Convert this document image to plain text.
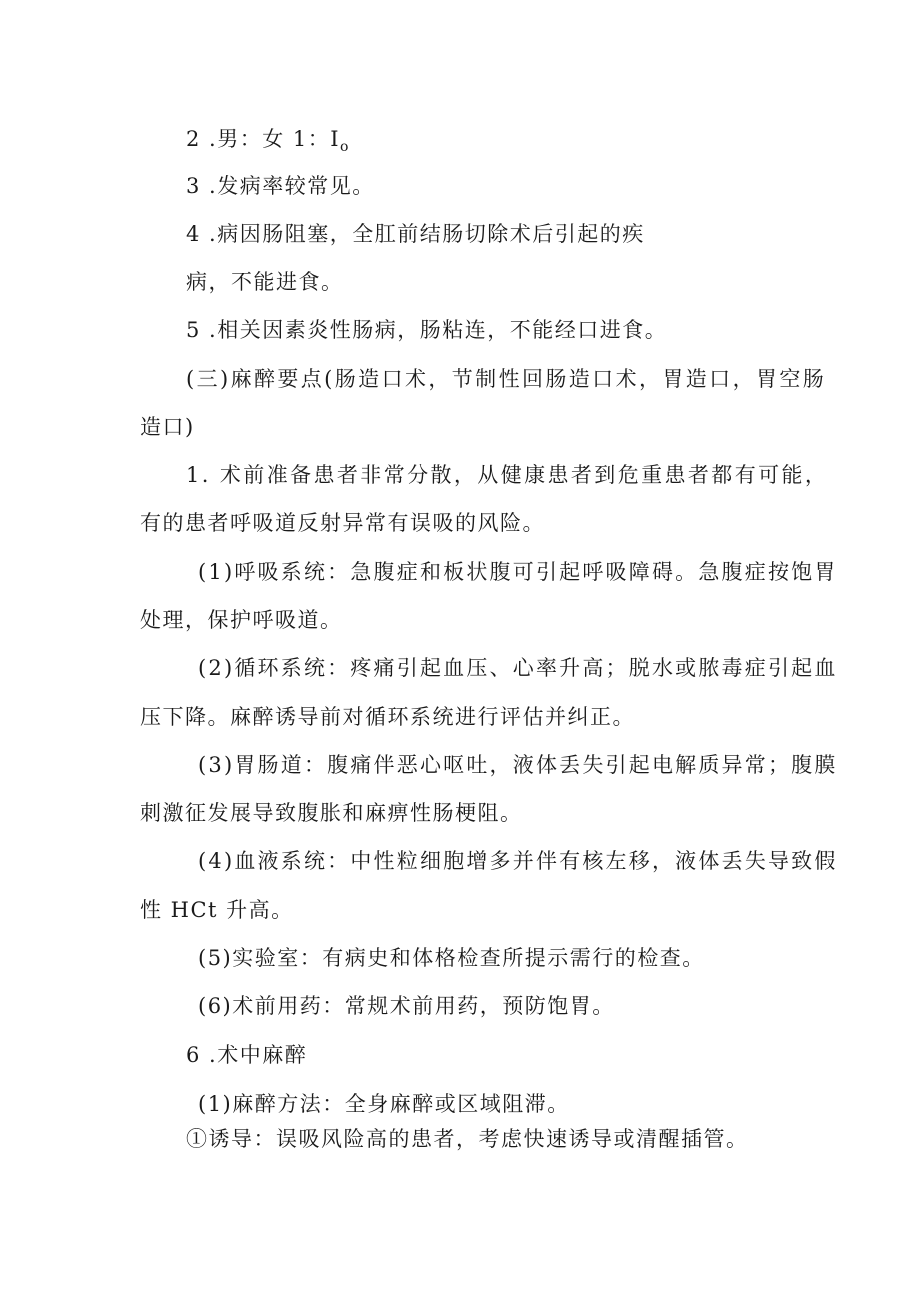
2 .男：女 1：$I_o$
3 .发病率较常见。
4 .病因肠阻塞，全肛前结肠切除术后引起的疾
病，不能进食。
5 .相关因素炎性肠病，肠粘连，不能经口进食。
(三)麻醉要点(肠造口术，节制性回肠造口术，胃造口，胃空肠
造口)
1. 术前准备患者非常分散，从健康患者到危重患者都有可能，
有的患者呼吸道反射异常有误吸的风险。
(1)呼吸系统：急腹症和板状腹可引起呼吸障碍。急腹症按饱胃
处理，保护呼吸道。
(2)循环系统：疼痛引起血压、心率升高；脱水或脓毒症引起血
压下降。麻醉诱导前对循环系统进行评估并纠正。
(3)胃肠道：腹痛伴恶心呕吐，液体丢失引起电解质异常；腹膜
刺激征发展导致腹胀和麻痹性肠梗阻。
(4)血液系统：中性粒细胞增多并伴有核左移，液体丢失导致假
性 HCt 升高。
(5)实验室：有病史和体格检查所提示需行的检查。
(6)术前用药：常规术前用药，预防饱胃。
6 .术中麻醉
(1)麻醉方法：全身麻醉或区域阻滞。
①诱导：误吸风险高的患者，考虑快速诱导或清醒插管。
